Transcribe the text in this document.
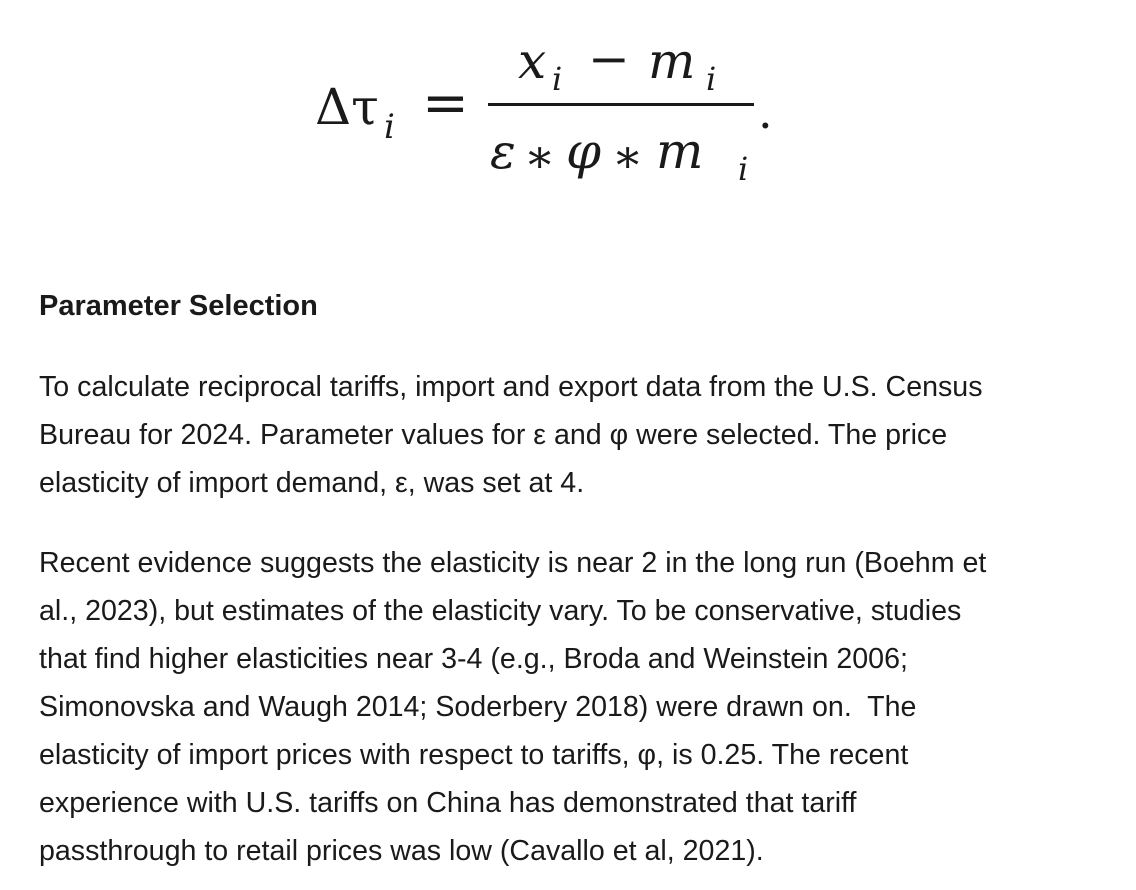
Δτ i =
x i − m i
.
ε ∗ φ ∗ m i
Parameter Selection

To calculate reciprocal tariffs, import and export data from the U.S. Census
Bureau for 2024. Parameter values for ε and φ were selected. The price
elasticity of import demand, ε, was set at 4.

Recent evidence suggests the elasticity is near 2 in the long run (Boehm et
al., 2023), but estimates of the elasticity vary. To be conservative, studies
that find higher elasticities near 3-4 (e.g., Broda and Weinstein 2006;
Simonovska and Waugh 2014; Soderbery 2018) were drawn on.  The
elasticity of import prices with respect to tariffs, φ, is 0.25. The recent
experience with U.S. tariffs on China has demonstrated that tariff
passthrough to retail prices was low (Cavallo et al, 2021).
